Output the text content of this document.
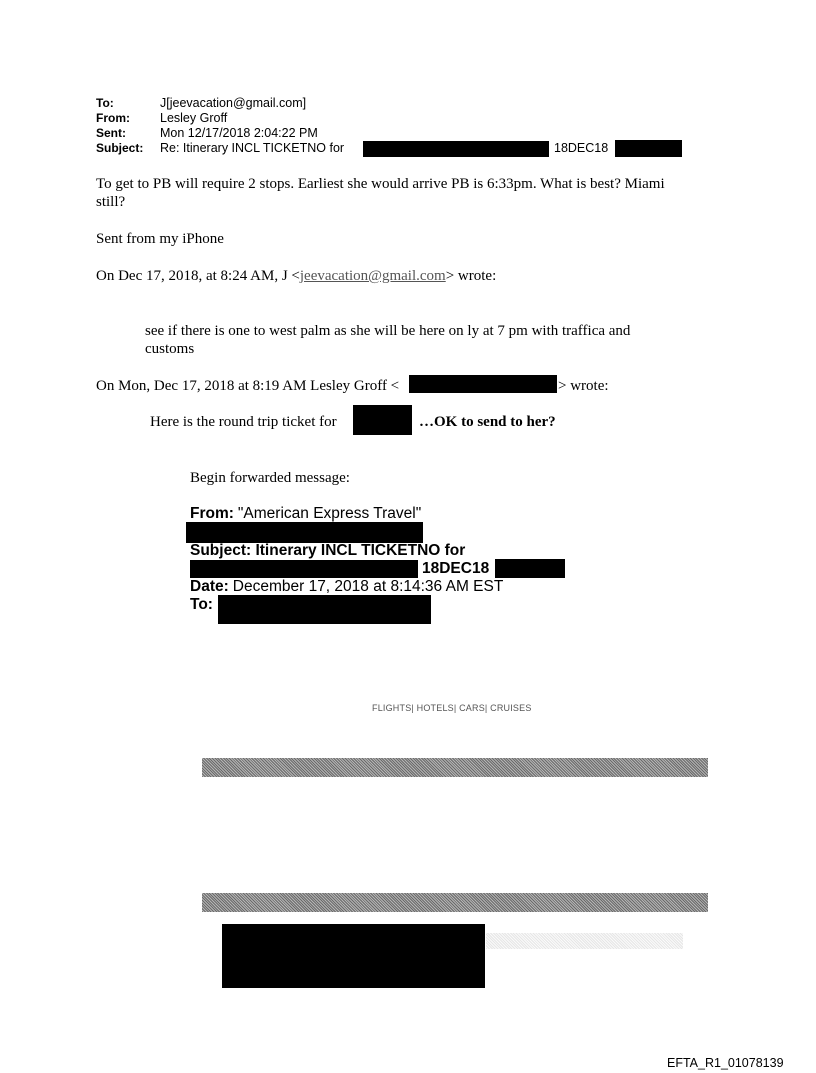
To:	J[jeevacation@gmail.com]
From: Lesley Groff
Sent:	Mon 12/17/2018 2:04:22 PM
Subject: Re: Itinerary INCL TICKETNO for	18DEC18
To get to PB will require 2 stops. Earliest she would arrive PB is 6:33pm. What is best? Miami
still?
Sent from my iPhone
On Dec 17, 2018, at 8:24 AM, J <jeevacation@gmail.com> wrote:
see if there is one to west palm as she will be here on ly at 7 pm with traffica and
customs
On Mon, Dec 17, 2018 at 8:19 AM Lesley Groff <	> wrote:
Here is the round trip ticket for	…OK to send to her?
Begin forwarded message:
From: "American Express Travel"
Subject: Itinerary INCL TICKETNO for
18DEC18
Date: December 17, 2018 at 8:14:36 AM EST
To:
FLIGHTS| HOTELS| CARS| CRUISES
EFTA_R1_01078139
